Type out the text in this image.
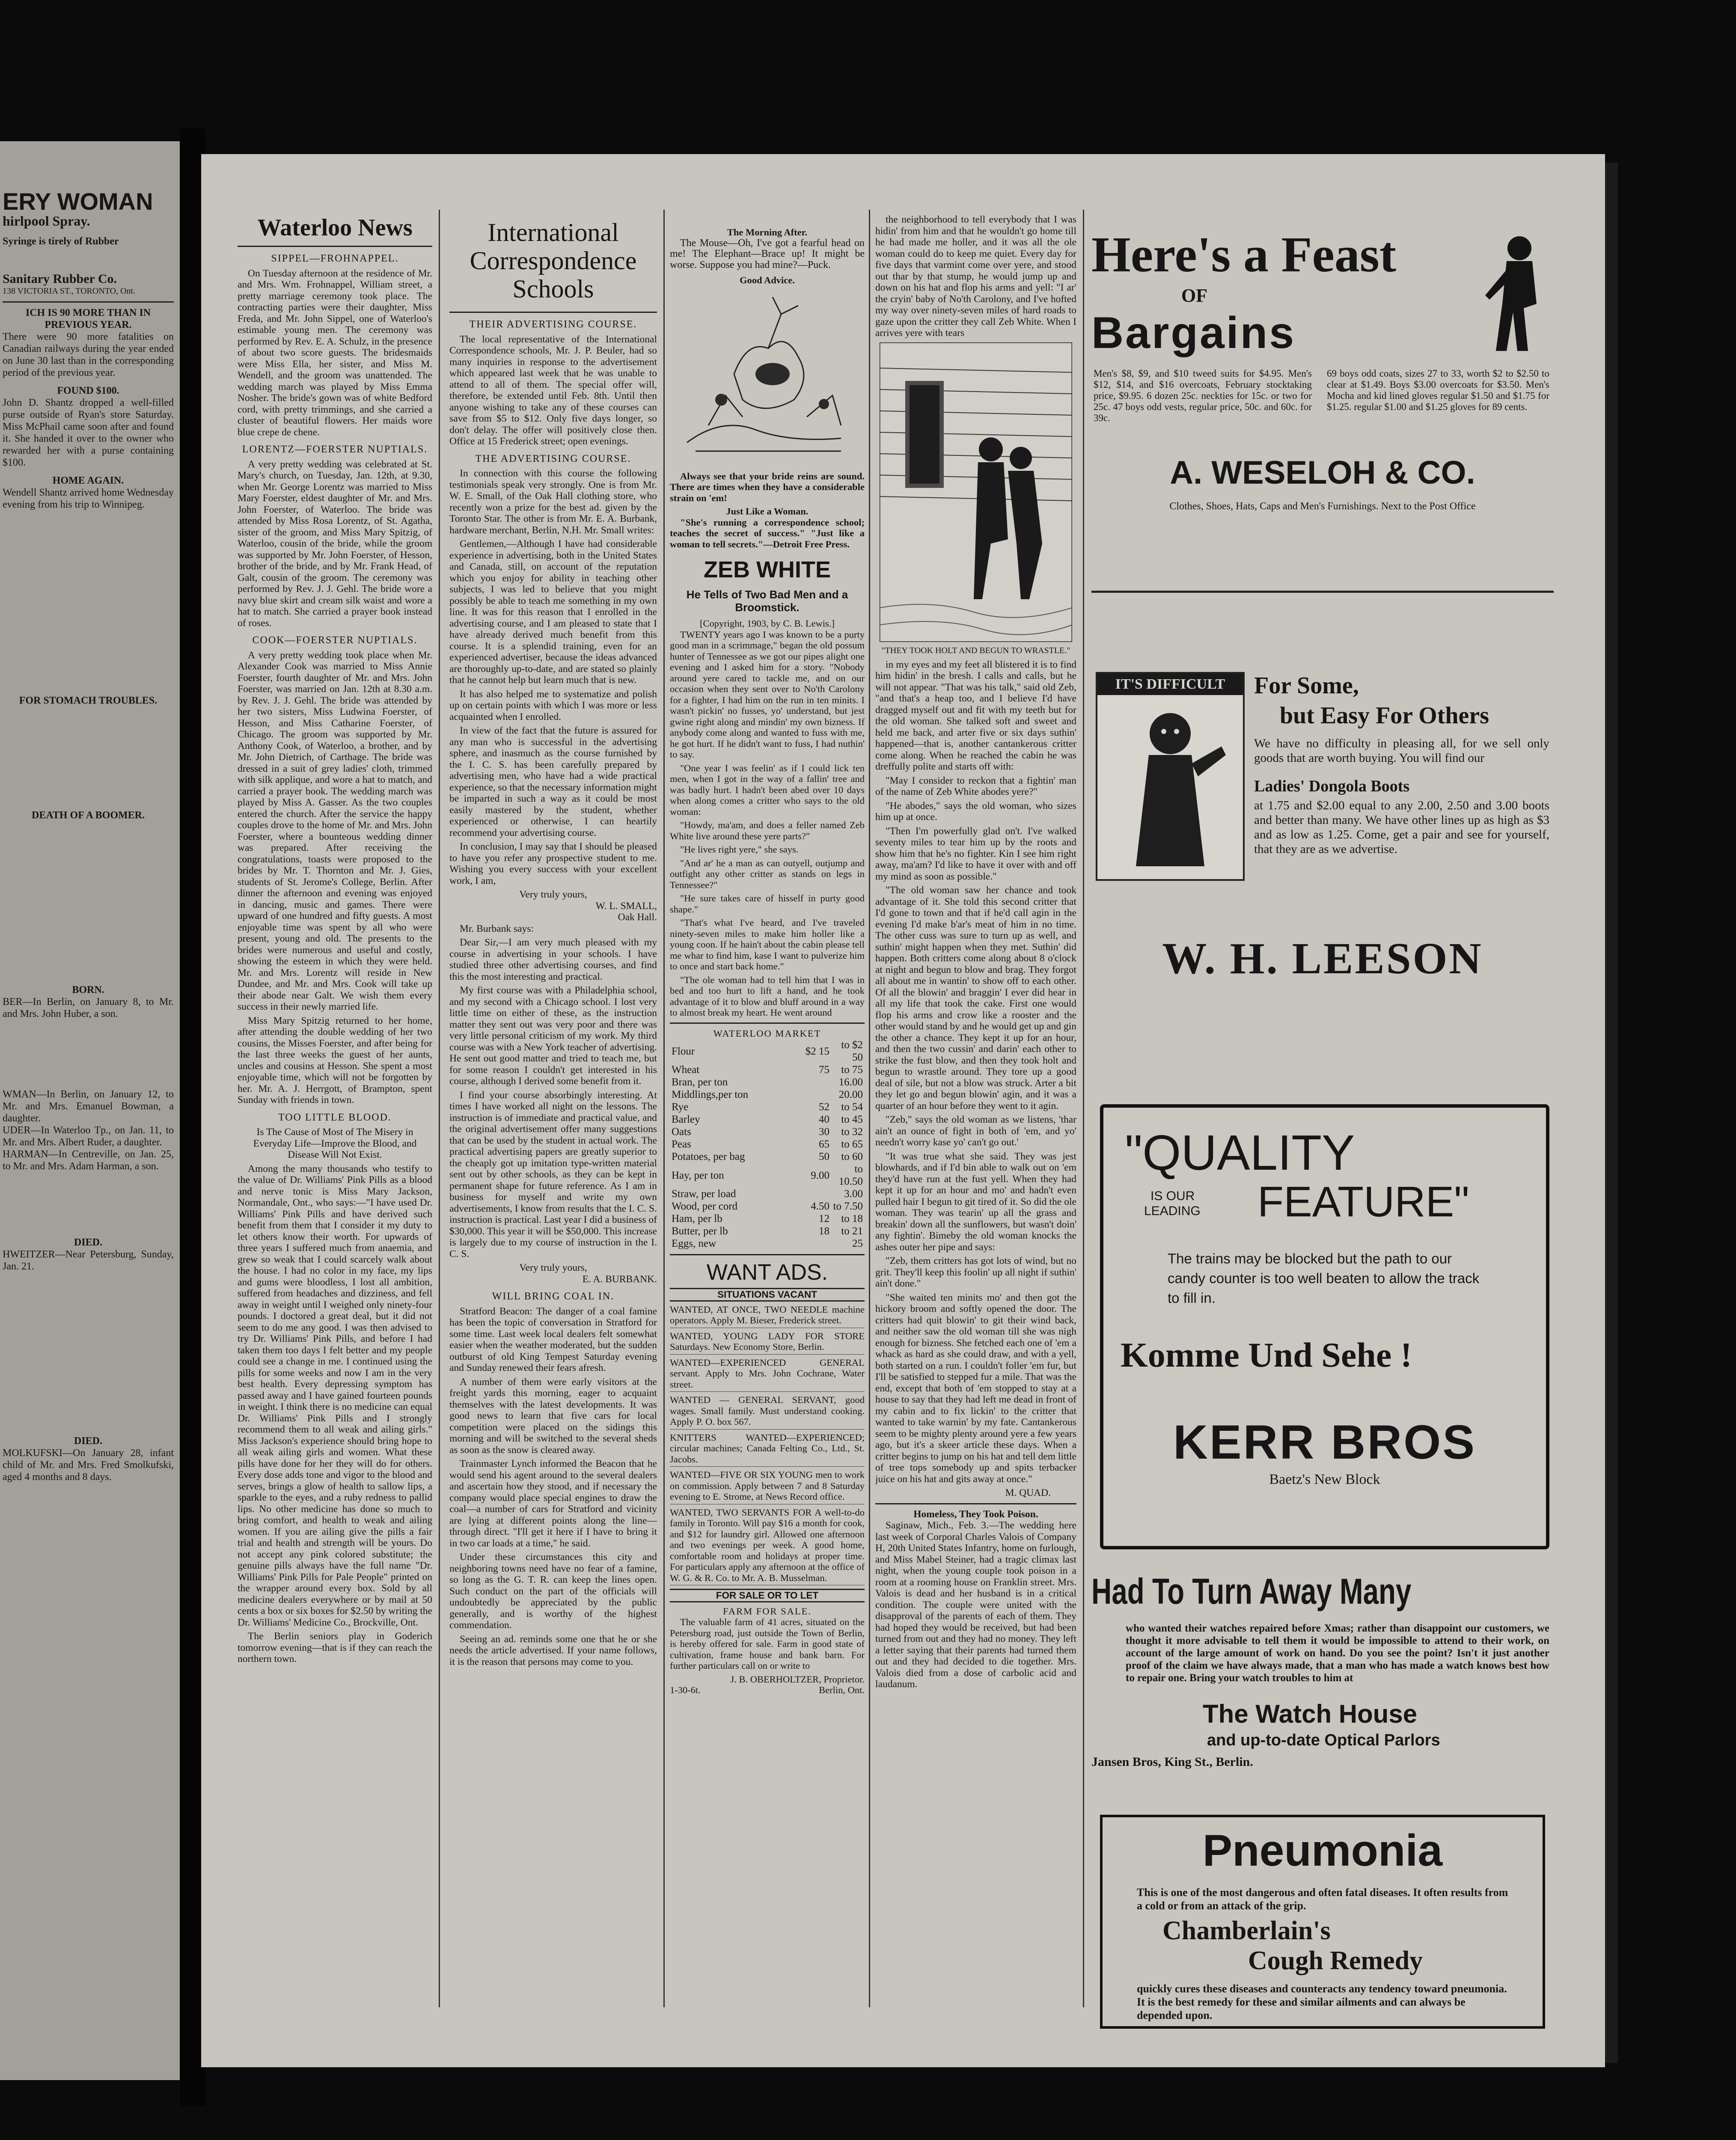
ERY WOMAN
hirlpool Spray.
Syringe is tirely of Rubber
Sanitary Rubber Co.
138 VICTORIA ST., TORONTO, Ont.
ICH IS 90 MORE THAN IN PREVIOUS YEAR.
There were 90 more fatalities on Canadian railways during the year ended on June 30 last than in the corresponding period of the previous year.
FOUND $100.
John D. Shantz dropped a well-filled purse outside of Ryan's store Saturday. Miss McPhail came soon after and found it. She handed it over to the owner who rewarded her with a purse containing $100.
HOME AGAIN.
Wendell Shantz arrived home Wednesday evening from his trip to Winnipeg.
FOR STOMACH TROUBLES.
DEATH OF A BOOMER.
BORN.
BER—In Berlin, on January 8, to Mr. and Mrs. John Huber, a son.
WMAN—In Berlin, on January 12, to Mr. and Mrs. Emanuel Bowman, a daughter.
UDER—In Waterloo Tp., on Jan. 11, to Mr. and Mrs. Albert Ruder, a daughter.
HARMAN—In Centreville, on Jan. 25, to Mr. and Mrs. Adam Harman, a son.
DIED.
HWEITZER—Near Petersburg, Sunday, Jan. 21.
DIED.
MOLKUFSKI—On January 28, infant child of Mr. and Mrs. Fred Smolkufski, aged 4 months and 8 days.
Waterloo News
SIPPEL—FROHNAPPEL.

On Tuesday afternoon at the residence of Mr. and Mrs. Wm. Frohnappel, William street, a pretty marriage ceremony took place. The contracting parties were their daughter, Miss Freda, and Mr. John Sippel, one of Waterloo's estimable young men. The ceremony was performed by Rev. E. A. Schulz, in the presence of about two score guests. The bridesmaids were Miss Ella, her sister, and Miss M. Wendell, and the groom was unattended. The wedding march was played by Miss Emma Nosher. The bride's gown was of white Bedford cord, with pretty trimmings, and she carried a cluster of beautiful flowers. Her maids wore blue crepe de chene.

LORENTZ—FOERSTER NUPTIALS.

A very pretty wedding was celebrated at St. Mary's church, on Tuesday, Jan. 12th, at 9.30, when Mr. George Lorentz was married to Miss Mary Foerster, eldest daughter of Mr. and Mrs. John Foerster, of Waterloo. The bride was attended by Miss Rosa Lorentz, of St. Agatha, sister of the groom, and Miss Mary Spitzig, of Waterloo, cousin of the bride, while the groom was supported by Mr. John Foerster, of Hesson, brother of the bride, and by Mr. Frank Head, of Galt, cousin of the groom. The ceremony was performed by Rev. J. J. Gehl. The bride wore a navy blue skirt and cream silk waist and wore a hat to match. She carried a prayer book instead of roses.

COOK—FOERSTER NUPTIALS.

A very pretty wedding took place when Mr. Alexander Cook was married to Miss Annie Foerster, fourth daughter of Mr. and Mrs. John Foerster, was married on Jan. 12th at 8.30 a.m. by Rev. J. J. Gehl. The bride was attended by her two sisters, Miss Ludwina Foerster, of Hesson, and Miss Catharine Foerster, of Chicago. The groom was supported by Mr. Anthony Cook, of Waterloo, a brother, and by Mr. John Dietrich, of Carthage. The bride was dressed in a suit of grey ladies' cloth, trimmed with silk applique, and wore a hat to match, and carried a prayer book. The wedding march was played by Miss A. Gasser. As the two couples entered the church. After the service the happy couples drove to the home of Mr. and Mrs. John Foerster, where a bounteous wedding dinner was prepared. After receiving the congratulations, toasts were proposed to the brides by Mr. T. Thornton and Mr. J. Gies, students of St. Jerome's College, Berlin. After dinner the afternoon and evening was enjoyed in dancing, music and games. There were upward of one hundred and fifty guests. A most enjoyable time was spent by all who were present, young and old. The presents to the brides were numerous and useful and costly, showing the esteem in which they were held. Mr. and Mrs. Lorentz will reside in New Dundee, and Mr. and Mrs. Cook will take up their abode near Galt. We wish them every success in their newly married life.

Miss Mary Spitzig returned to her home, after attending the double wedding of her two cousins, the Misses Foerster, and after being for the last three weeks the guest of her aunts, uncles and cousins at Hesson. She spent a most enjoyable time, which will not be forgotten by her. Mr. A. J. Herrgott, of Brampton, spent Sunday with friends in town.

TOO LITTLE BLOOD.

Is The Cause of Most of The Misery in Everyday Life—Improve the Blood, and Disease Will Not Exist.

Among the many thousands who testify to the value of Dr. Williams' Pink Pills as a blood and nerve tonic is Miss Mary Jackson, Normandale, Ont., who says:—"I have used Dr. Williams' Pink Pills and have derived such benefit from them that I consider it my duty to let others know their worth. For upwards of three years I suffered much from anaemia, and grew so weak that I could scarcely walk about the house. I had no color in my face, my lips and gums were bloodless, I lost all ambition, suffered from headaches and dizziness, and fell away in weight until I weighed only ninety-four pounds. I doctored a great deal, but it did not seem to do me any good. I was then advised to try Dr. Williams' Pink Pills, and before I had taken them too days I felt better and my people could see a change in me. I continued using the pills for some weeks and now I am in the very best health. Every depressing symptom has passed away and I have gained fourteen pounds in weight. I think there is no medicine can equal Dr. Williams' Pink Pills and I strongly recommend them to all weak and ailing girls." Miss Jackson's experience should bring hope to all weak ailing girls and women. What these pills have done for her they will do for others. Every dose adds tone and vigor to the blood and serves, brings a glow of health to sallow lips, a sparkle to the eyes, and a ruby redness to pallid lips. No other medicine has done so much to bring comfort, and health to weak and ailing women. If you are ailing give the pills a fair trial and health and strength will be yours. Do not accept any pink colored substitute; the genuine pills always have the full name "Dr. Williams' Pink Pills for Pale People" printed on the wrapper around every box. Sold by all medicine dealers everywhere or by mail at 50 cents a box or six boxes for $2.50 by writing the Dr. Williams' Medicine Co., Brockville, Ont.

The Berlin seniors play in Goderich tomorrow evening—that is if they can reach the northern town.

International Correspondence Schools
THEIR ADVERTISING COURSE.

The local representative of the International Correspondence schools, Mr. J. P. Beuler, had so many inquiries in response to the advertisement which appeared last week that he was unable to attend to all of them. The special offer will, therefore, be extended until Feb. 8th. Until then anyone wishing to take any of these courses can save from $5 to $12. Only five days longer, so don't delay. The offer will positively close then. Office at 15 Frederick street; open evenings.

THE ADVERTISING COURSE.

In connection with this course the following testimonials speak very strongly. One is from Mr. W. E. Small, of the Oak Hall clothing store, who recently won a prize for the best ad. given by the Toronto Star. The other is from Mr. E. A. Burbank, hardware merchant, Berlin, N.H. Mr. Small writes:

Gentlemen,—Although I have had considerable experience in advertising, both in the United States and Canada, still, on account of the reputation which you enjoy for ability in teaching other subjects, I was led to believe that you might possibly be able to teach me something in my own line. It was for this reason that I enrolled in the advertising course, and I am pleased to state that I have already derived much benefit from this course. It is a splendid training, even for an experienced advertiser, because the ideas advanced are thoroughly up-to-date, and are stated so plainly that he cannot help but learn much that is new.

It has also helped me to systematize and polish up on certain points with which I was more or less acquainted when I enrolled.

In view of the fact that the future is assured for any man who is successful in the advertising sphere, and inasmuch as the course furnished by the I. C. S. has been carefully prepared by advertising men, who have had a wide practical experience, so that the necessary information might be imparted in such a way as it could be most easily mastered by the student, whether experienced or otherwise, I can heartily recommend your advertising course.

In conclusion, I may say that I should be pleased to have you refer any prospective student to me. Wishing you every success with your excellent work, I am,

Very truly yours,
W. L. SMALL,
Oak Hall.

Mr. Burbank says:

Dear Sir,—I am very much pleased with my course in advertising in your schools. I have studied three other advertising courses, and find this the most interesting and practical.

My first course was with a Philadelphia school, and my second with a Chicago school. I lost very little time on either of these, as the instruction matter they sent out was very poor and there was very little personal criticism of my work. My third course was with a New York teacher of advertising. He sent out good matter and tried to teach me, but for some reason I couldn't get interested in his course, although I derived some benefit from it.

I find your course absorbingly interesting. At times I have worked all night on the lessons. The instruction is of immediate and practical value, and the original advertisement offer many suggestions that can be used by the student in actual work. The practical advertising papers are greatly superior to the cheaply got up imitation type-written material sent out by other schools, as they can be kept in permanent shape for future reference. As I am in business for myself and write my own advertisements, I know from results that the I. C. S. instruction is practical. Last year I did a business of $30,000. This year it will be $50,000. This increase is largely due to my course of instruction in the I. C. S.

Very truly yours,
E. A. BURBANK.
WILL BRING COAL IN.

Stratford Beacon: The danger of a coal famine has been the topic of conversation in Stratford for some time. Last week local dealers felt somewhat easier when the weather moderated, but the sudden outburst of old King Tempest Saturday evening and Sunday renewed their fears afresh.

A number of them were early visitors at the freight yards this morning, eager to acquaint themselves with the latest developments. It was good news to learn that five cars for local competition were placed on the sidings this morning and will be switched to the several sheds as soon as the snow is cleared away.

Trainmaster Lynch informed the Beacon that he would send his agent around to the several dealers and ascertain how they stood, and if necessary the company would place special engines to draw the coal—a number of cars for Stratford and vicinity are lying at different points along the line—through direct. "I'll get it here if I have to bring it in two car loads at a time," he said.

Under these circumstances this city and neighboring towns need have no fear of a famine, so long as the G. T. R. can keep the lines open. Such conduct on the part of the officials will undoubtedly be appreciated by the public generally, and is worthy of the highest commendation.

Seeing an ad. reminds some one that he or she needs the article advertised. If your name follows, it is the reason that persons may come to you.

The Morning After.

The Mouse—Oh, I've got a fearful head on me! The Elephant—Brace up! It might be worse. Suppose you had mine?—Puck.

Good Advice.

Always see that your bride reins are sound. There are times when they have a considerable strain on 'em!

Just Like a Woman.

"She's running a correspondence school; teaches the secret of success." "Just like a woman to tell secrets."—Detroit Free Press.

ZEB WHITE
He Tells of Two Bad Men and a Broomstick.
[Copyright, 1903, by C. B. Lewis.]

TWENTY years ago I was known to be a purty good man in a scrimmage," began the old possum hunter of Tennessee as we got our pipes alight one evening and I asked him for a story. "Nobody around yere cared to tackle me, and on our occasion when they sent over to No'th Carolony for a fighter, I had him on the run in ten minits. I wasn't pickin' no fusses, yo' understand, but jest gwine right along and mindin' my own bizness. If anybody come along and wanted to fuss with me, he got hurt. If he didn't want to fuss, I had nuthin' to say.

"One year I was feelin' as if I could lick ten men, when I got in the way of a fallin' tree and was badly hurt. I hadn't been abed over 10 days when along comes a critter who says to the old woman:

"Howdy, ma'am, and does a feller named Zeb White live around these yere parts?"

"He lives right yere," she says.

"And ar' he a man as can outyell, outjump and outfight any other critter as stands on legs in Tennessee?"

"He sure takes care of hisself in purty good shape."

"That's what I've heard, and I've traveled ninety-seven miles to make him holler like a young coon. If he hain't about the cabin please tell me whar to find him, kase I want to pulverize him to once and start back home."

"The ole woman had to tell him that I was in bed and too hurt to lift a hand, and he took advantage of it to blow and bluff around in a way to almost break my heart. He went around

WATERLOO MARKET
Flour	$2 15	to $2 50
Wheat	75	to 75
Bran, per ton		16.00
Middlings,per ton		20.00
Rye	52	to 54
Barley	40	to 45
Oats	30	to 32
Peas	65	to 65
Potatoes, per bag	50	to 60
Hay, per ton	9.00	to 10.50
Straw, per load		3.00
Wood, per cord	4.50	to 7.50
Ham, per lb	12	to 18
Butter, per lb	18	to 21
Eggs, new		25
WANT ADS.
SITUATIONS VACANT

WANTED, AT ONCE, TWO NEEDLE machine operators. Apply M. Bieser, Frederick street.

WANTED, YOUNG LADY FOR STORE Saturdays. New Economy Store, Berlin.

WANTED—EXPERIENCED GENERAL servant. Apply to Mrs. John Cochrane, Water street.

WANTED — GENERAL SERVANT, good wages. Small family. Must understand cooking. Apply P. O. box 567.

KNITTERS WANTED—EXPERIENCED; circular machines; Canada Felting Co., Ltd., St. Jacobs.

WANTED—FIVE OR SIX YOUNG men to work on commission. Apply between 7 and 8 Saturday evening to E. Strome, at News Record office.

WANTED, TWO SERVANTS FOR A well-to-do family in Toronto. Will pay $16 a month for cook, and $12 for laundry girl. Allowed one afternoon and two evenings per week. A good home, comfortable room and holidays at proper time. For particulars apply any afternoon at the office of W. G. & R. Co. to Mr. A. B. Musselman.

FOR SALE OR TO LET
FARM FOR SALE.

The valuable farm of 41 acres, situated on the Petersburg road, just outside the Town of Berlin, is hereby offered for sale. Farm in good state of cultivation, frame house and bank barn. For further particulars call on or write to

J. B. OBERHOLTZER, Proprietor.
1-30-6t.	Berlin, Ont.

the neighborhood to tell everybody that I was hidin' from him and that he wouldn't go home till he had made me holler, and it was all the ole woman could do to keep me quiet. Every day for five days that varmint come over yere, and stood out thar by that stump, he would jump up and down on his hat and flop his arms and yell: "I ar' the cryin' baby of No'th Carolony, and I've hofted my way over ninety-seven miles of hard roads to gaze upon the critter they call Zeb White. When I arrives yere with tears

"THEY TOOK HOLT AND BEGUN TO WRASTLE."

in my eyes and my feet all blistered it is to find him hidin' in the bresh. I calls and calls, but he will not appear. "That was his talk," said old Zeb, "and that's a heap too, and I believe I'd have dragged myself out and fit with my teeth but for the old woman. She talked soft and sweet and held me back, and arter five or six days suthin' happened—that is, another cantankerous critter come along. When he reached the cabin he was dreffully polite and starts off with:

"May I consider to reckon that a fightin' man of the name of Zeb White abodes yere?"

"He abodes," says the old woman, who sizes him up at once.

"Then I'm powerfully glad on't. I've walked seventy miles to tear him up by the roots and show him that he's no fighter. Kin I see him right away, ma'am? I'd like to have it over with and off my mind as soon as possible."

"The old woman saw her chance and took advantage of it. She told this second critter that I'd gone to town and that if he'd call agin in the evening I'd make b'ar's meat of him in no time. The other cuss was sure to turn up as well, and suthin' might happen when they met. Suthin' did happen. Both critters come along about 8 o'clock at night and begun to blow and brag. They forgot all about me in wantin' to show off to each other. Of all the blowin' and braggin' I ever did hear in all my life that took the cake. First one would flop his arms and crow like a rooster and the other would stand by and he would get up and gin the other a chance. They kept it up for an hour, and then the two cussin' and darin' each other to strike the fust blow, and then they took holt and begun to wrastle around. They tore up a good deal of sile, but not a blow was struck. Arter a bit they let go and begun blowin' agin, and it was a quarter of an hour before they went to it agin.

"Zeb," says the old woman as we listens, 'thar ain't an ounce of fight in both of 'em, and yo' needn't worry kase yo' can't go out.'

"It was true what she said. They was jest blowhards, and if I'd bin able to walk out on 'em they'd have run at the fust yell. When they had kept it up for an hour and mo' and hadn't even pulled hair I begun to git tired of it. So did the ole woman. They was tearin' up all the grass and breakin' down all the sunflowers, but wasn't doin' any fightin'. Bimeby the old woman knocks the ashes outer her pipe and says:

"Zeb, them critters has got lots of wind, but no grit. They'll keep this foolin' up all night if suthin' ain't done."

"She waited ten minits mo' and then got the hickory broom and softly opened the door. The critters had quit blowin' to git their wind back, and neither saw the old woman till she was nigh enough for bizness. She fetched each one of 'em a whack as hard as she could draw, and with a yell, both started on a run. I couldn't foller 'em fur, but I'll be satisfied to stepped fur a mile. That was the end, except that both of 'em stopped to stay at a house to say that they had left me dead in front of my cabin and to fix lickin' to the critter that wanted to take warnin' by my fate. Cantankerous seem to be mighty plenty around yere a few years ago, but it's a skeer article these days. When a critter begins to jump on his hat and tell dem little of tree tops somebody up and spits terbacker juice on his hat and gits away at once."

M. QUAD.
Homeless, They Took Poison.

Saginaw, Mich., Feb. 3.—The wedding here last week of Corporal Charles Valois of Company H, 20th United States Infantry, home on furlough, and Miss Mabel Steiner, had a tragic climax last night, when the young couple took poison in a room at a rooming house on Franklin street. Mrs. Valois is dead and her husband is in a critical condition. The couple were united with the disapproval of the parents of each of them. They had hoped they would be received, but had been turned from out and they had no money. They left a letter saying that their parents had turned them out and they had decided to die together. Mrs. Valois died from a dose of carbolic acid and laudanum.

Here's a Feast
OF
Bargains
Men's $8, $9, and $10 tweed suits for $4.95. Men's $12, $14, and $16 overcoats, February stocktaking price, $9.95. 6 dozen 25c. neckties for 15c. or two for 25c. 47 boys odd vests, regular price, 50c. and 60c. for 39c.
69 boys odd coats, sizes 27 to 33, worth $2 to $2.50 to clear at $1.49. Boys $3.00 overcoats for $3.50. Men's Mocha and kid lined gloves regular $1.50 and $1.75 for $1.25. regular $1.00 and $1.25 gloves for 89 cents.
A. WESELOH & CO.
Clothes, Shoes, Hats, Caps and Men's Furnishings. Next to the Post Office
IT'S DIFFICULT	For Some,
but Easy For Others
We have no difficulty in pleasing all, for we sell only goods that are worth buying. You will find our
Ladies' Dongola Boots
at 1.75 and $2.00 equal to any 2.00, 2.50 and 3.00 boots and better than many. We have other lines up as high as $3 and as low as 1.25. Come, get a pair and see for yourself, that they are as we advertise.
W. H. LEESON
"QUALITY
IS OUR
LEADING FEATURE"
The trains may be blocked but the path to our candy counter is too well beaten to allow the track to fill in.
Komme Und Sehe !
KERR BROS
Baetz's New Block
Had To Turn Away Many
who wanted their watches repaired before Xmas; rather than disappoint our customers, we thought it more advisable to tell them it would be impossible to attend to their work, on account of the large amount of work on hand. Do you see the point? Isn't it just another proof of the claim we have always made, that a man who has made a watch knows best how to repair one. Bring your watch troubles to him at
The Watch House
and up-to-date Optical Parlors
Jansen Bros, King St., Berlin.
Pneumonia
This is one of the most dangerous and often fatal diseases. It often results from a cold or from an attack of the grip.
Chamberlain's
Cough Remedy
quickly cures these diseases and counteracts any tendency toward pneumonia. It is the best remedy for these and similar ailments and can always be depended upon.
